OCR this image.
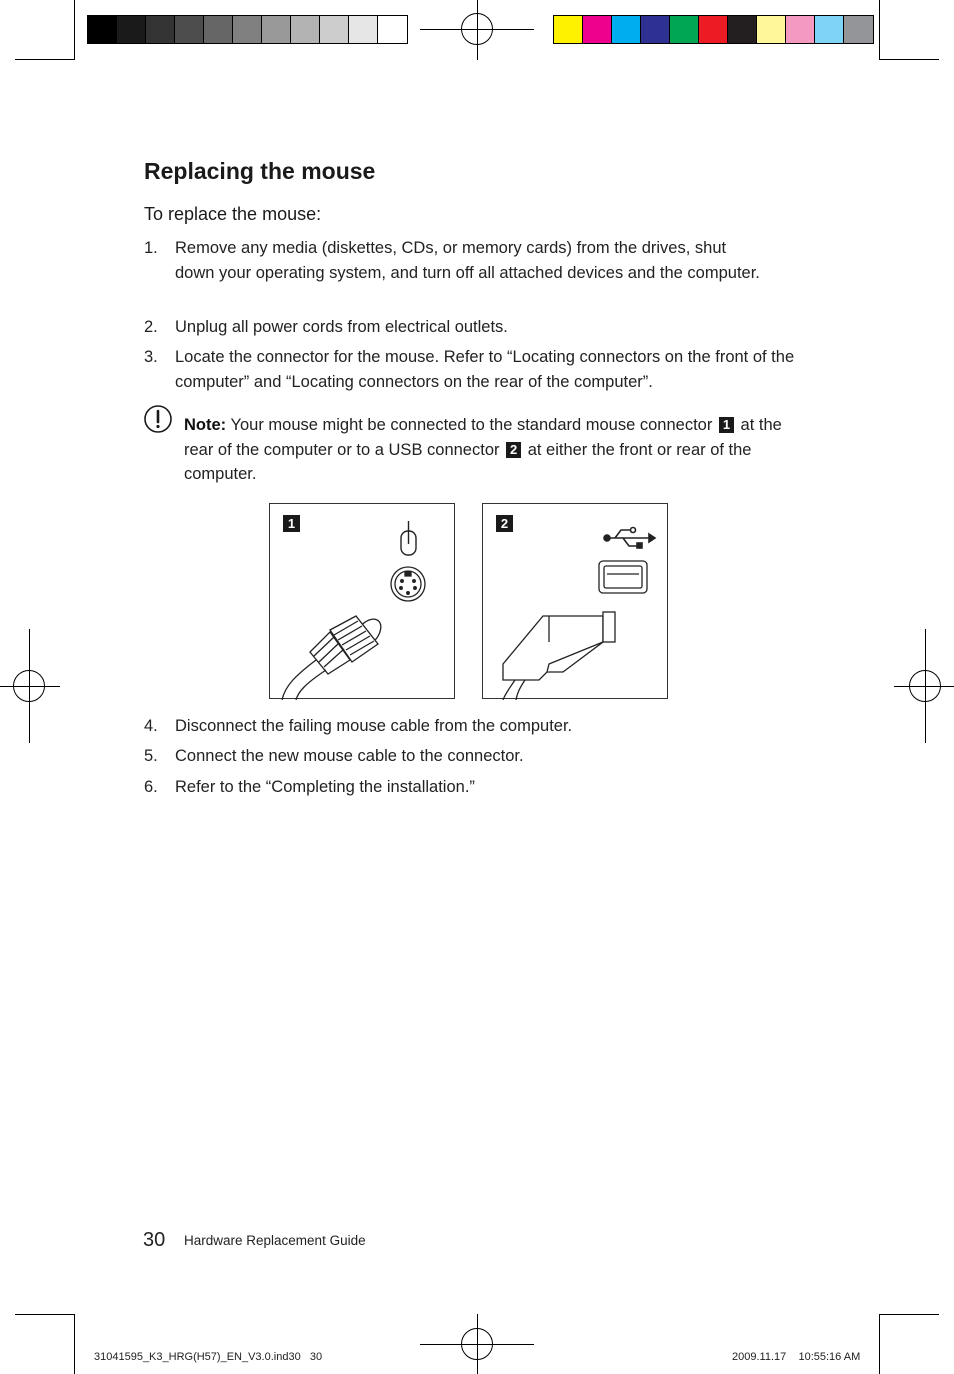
Replacing the mouse
To replace the mouse:
1. Remove any media (diskettes, CDs, or memory cards) from the drives, shut down your operating system, and turn off all attached devices and the computer.
2. Unplug all power cords from electrical outlets.
3. Locate the connector for the mouse. Refer to “Locating connectors on the front of the computer” and “Locating connectors on the rear of the computer”.
Note: Your mouse might be connected to the standard mouse connector 1 at the rear of the computer or to a USB connector 2 at either the front or rear of the computer.
1	2
4. Disconnect the failing mouse cable from the computer.
5. Connect the new mouse cable to the connector.
6. Refer to the “Completing the installation.”
30 Hardware Replacement Guide
31041595_K3_HRG(H57)_EN_V3.0.ind30   30	2009.11.17    10:55:16 AM
